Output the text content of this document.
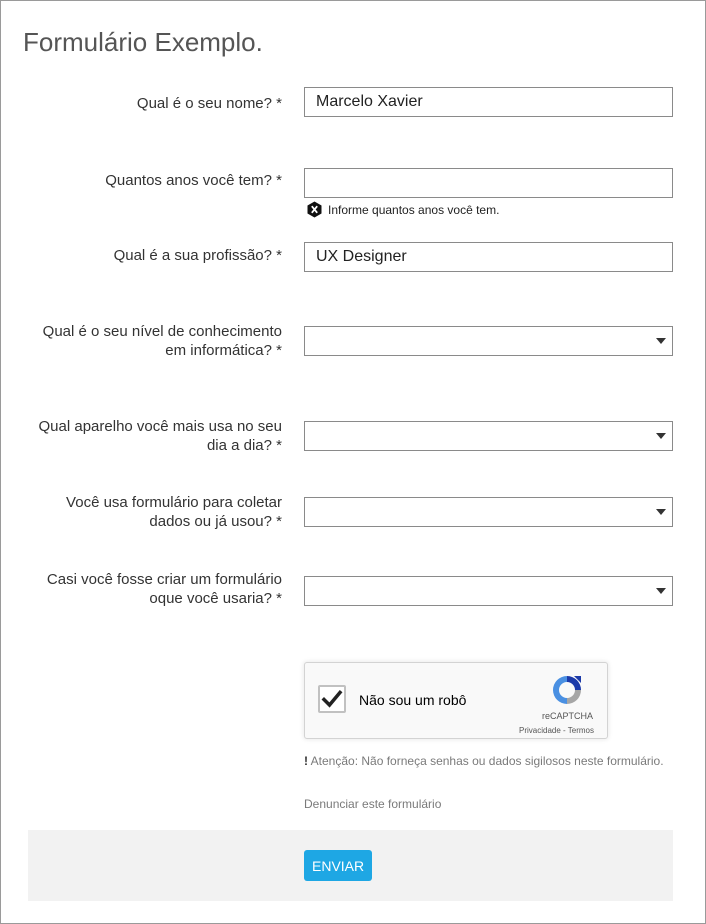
Formulário Exemplo.
Qual é o seu nome? *
Marcelo Xavier
Quantos anos você tem? *
Informe quantos anos você tem.
Qual é a sua profissão? *
UX Designer
Qual é o seu nível de conhecimento
em informática? *
Qual aparelho você mais usa no seu
dia a dia? *
Você usa formulário para coletar
dados ou já usou? *
Casi você fosse criar um formulário
oque você usaria? *
Não sou um robô
reCAPTCHA
Privacidade - Termos
! Atenção: Não forneça senhas ou dados sigilosos neste formulário.
Denunciar este formulário
ENVIAR
